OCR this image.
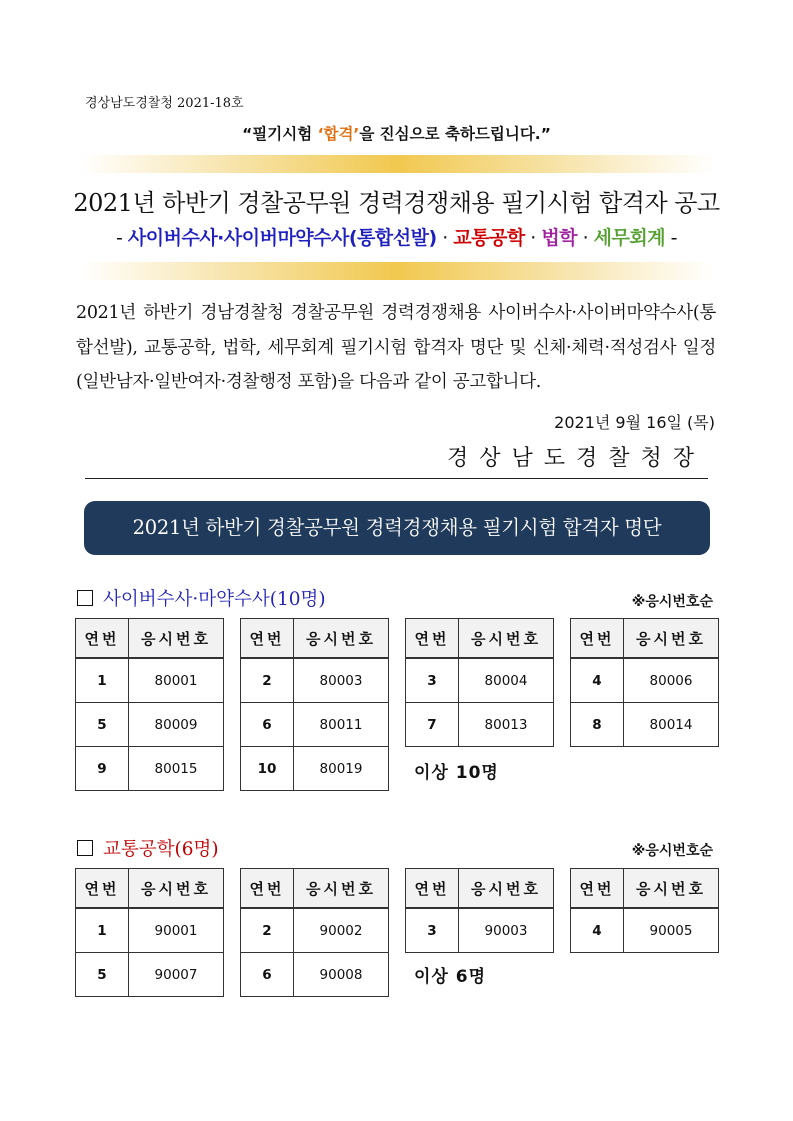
경상남도경찰청 2021-18호
“필기시험 ‘합격’을 진심으로 축하드립니다.”
2021년 하반기 경찰공무원 경력경쟁채용 필기시험 합격자 공고
- 사이버수사·사이버마약수사(통합선발) · 교통공학 · 법학 · 세무회계 -
2021년 하반기 경남경찰청 경찰공무원 경력경쟁채용 사이버수사·사이버마약수사(통합선발), 교통공학, 법학, 세무회계 필기시험 합격자 명단 및 신체·체력·적성검사 일정(일반남자·일반여자·경찰행정 포함)을 다음과 같이 공고합니다.
2021년 9월 16일 (목)
경상남도경찰청장
2021년 하반기 경찰공무원 경력경쟁채용 필기시험 합격자 명단
사이버수사·마약수사(10명)	※응시번호순
연번	응시번호
1	80001
5	80009
9	80015
연번	응시번호
2	80003
6	80011
10	80019
연번	응시번호
3	80004
7	80013
연번	응시번호
4	80006
8	80014
이상 10명
교통공학(6명)	※응시번호순
연번	응시번호
1	90001
5	90007
연번	응시번호
2	90002
6	90008
연번	응시번호
3	90003
연번	응시번호
4	90005
이상 6명
